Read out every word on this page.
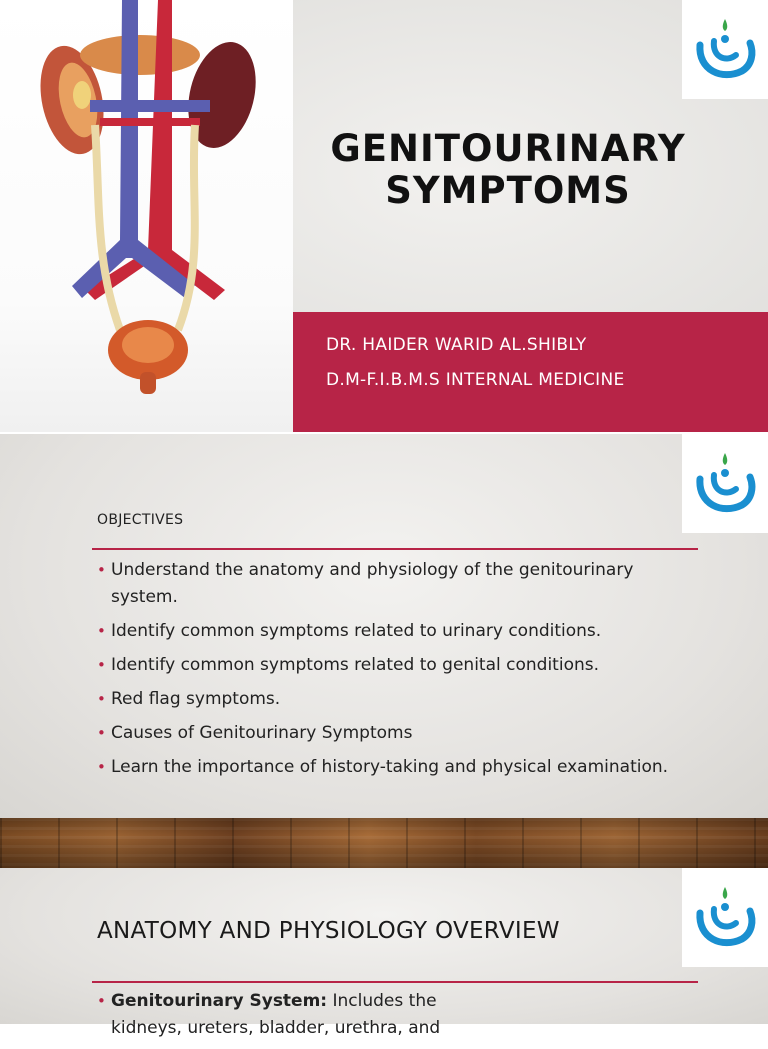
GENITOURINARY
SYMPTOMS
DR. HAIDER WARID AL.SHIBLY
D.M-F.I.B.M.S INTERNAL MEDICINE
OBJECTIVES
• Understand the anatomy and physiology of the genitourinary system.
• Identify common symptoms related to urinary conditions.
• Identify common symptoms related to genital conditions.
• Red flag symptoms.
• Causes of Genitourinary Symptoms
• Learn the importance of history-taking and physical examination.
ANATOMY AND PHYSIOLOGY OVERVIEW
• Genitourinary System: Includes the kidneys, ureters, bladder, urethra, and
